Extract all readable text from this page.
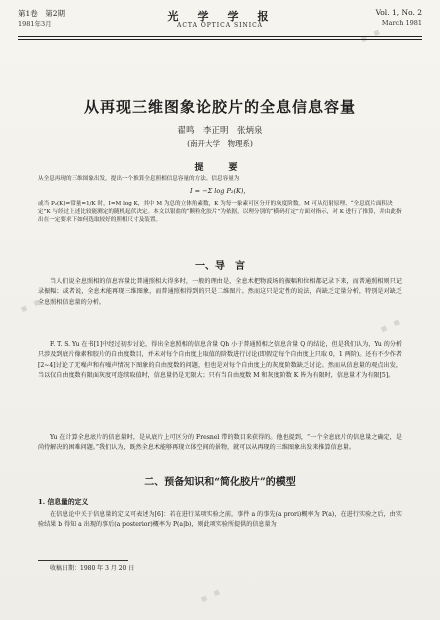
▪ ▪
▪ ▪
▪ ▪
▪ ▪
第1卷　第2期
1981年3月
光　学　学　报
ACTA OPTICA SINICA
Vol. 1, No. 2
March 1981
从再现三维图象论胶片的全息信息容量
翟鸣　李正明　张炳泉
(南开大学　物理系)
提　要
从全息再现的三维图象出发，提出一个推算全息照相信息容量的方法。信息容量为
I = −Σ log P₂(K)，
或当 P₂(K)=常量=1/K 时，I=M log K，其中 M 为总的立体角素数，K 为每一象素可区分开的灰度阶数。M 可从衍射原理、“全息底片面积决定”K 与经过上述比较能测定的随机起伏决定。本文以银盐的“颗粒化胶片”为依据，以理分别的“横码打定”方面对指示，对 K 进行了推算，并由此指出在一定要求下如何选取较好的照相尺寸及装置。
一、导　言
当人们说全息照相的信息容量比普通照相大得多时，一般的理由是，全息术把物波场的振幅和位相都记录下来，而普通照相则只记录振幅；或者说，全息术能再现三维图象，而普通照相得到的只是二维图片。然而这只是定性的说法，尚缺乏定量分析，特别是对缺乏全息照相信息量的分析。
F. T. S. Yu 在书[1]中经过初步讨论，得出全息照相的信息含量 Qh 小于普通照相之信息含量 Q 的结论，但是我们认为，Yu 的分析只涉及到底片像素和胶片的自由度数目，并未对每个自由度上取值的阶数进行讨论(即假定每个自由度上只取 0，1 两阶)。还有不少作者[2~4]讨论了无噪声和有噪声情况下图象的自由度数的问题，但也是对每个自由度上的灰度阶数缺乏讨论。然而从信息量的观点出发，当以仅自由度数有限面灰度可连续取值时，信息量仍是无限大；只有当自由度数 M 和灰度阶数 K 皆为有限时，信息量才为有限[5]。
Yu 在计算全息底片的信息量时，是从底片上可区分的 Fresnel 带的数目来获得的。他也提到，“一个全息底片的信息量之确定，是尚待解决的困难问题。”我们认为，既然全息术能够再现立体空间的景物，就可以从再现的三维图象出发来推算信息量。
二、预备知识和“简化胶片”的模型
1. 信息量的定义
在信息论中关于信息量的定义可表述为[6]：若在进行某项实验之前，事件 a 的事先(a prori)概率为 P(a)，在进行实验之后，由实验结果 b 得知 a 出现的事后(a posterior)概率为 P(a|b)，则此项实验所提供的信息量为
收稿日期：1980 年 3 月 20 日
